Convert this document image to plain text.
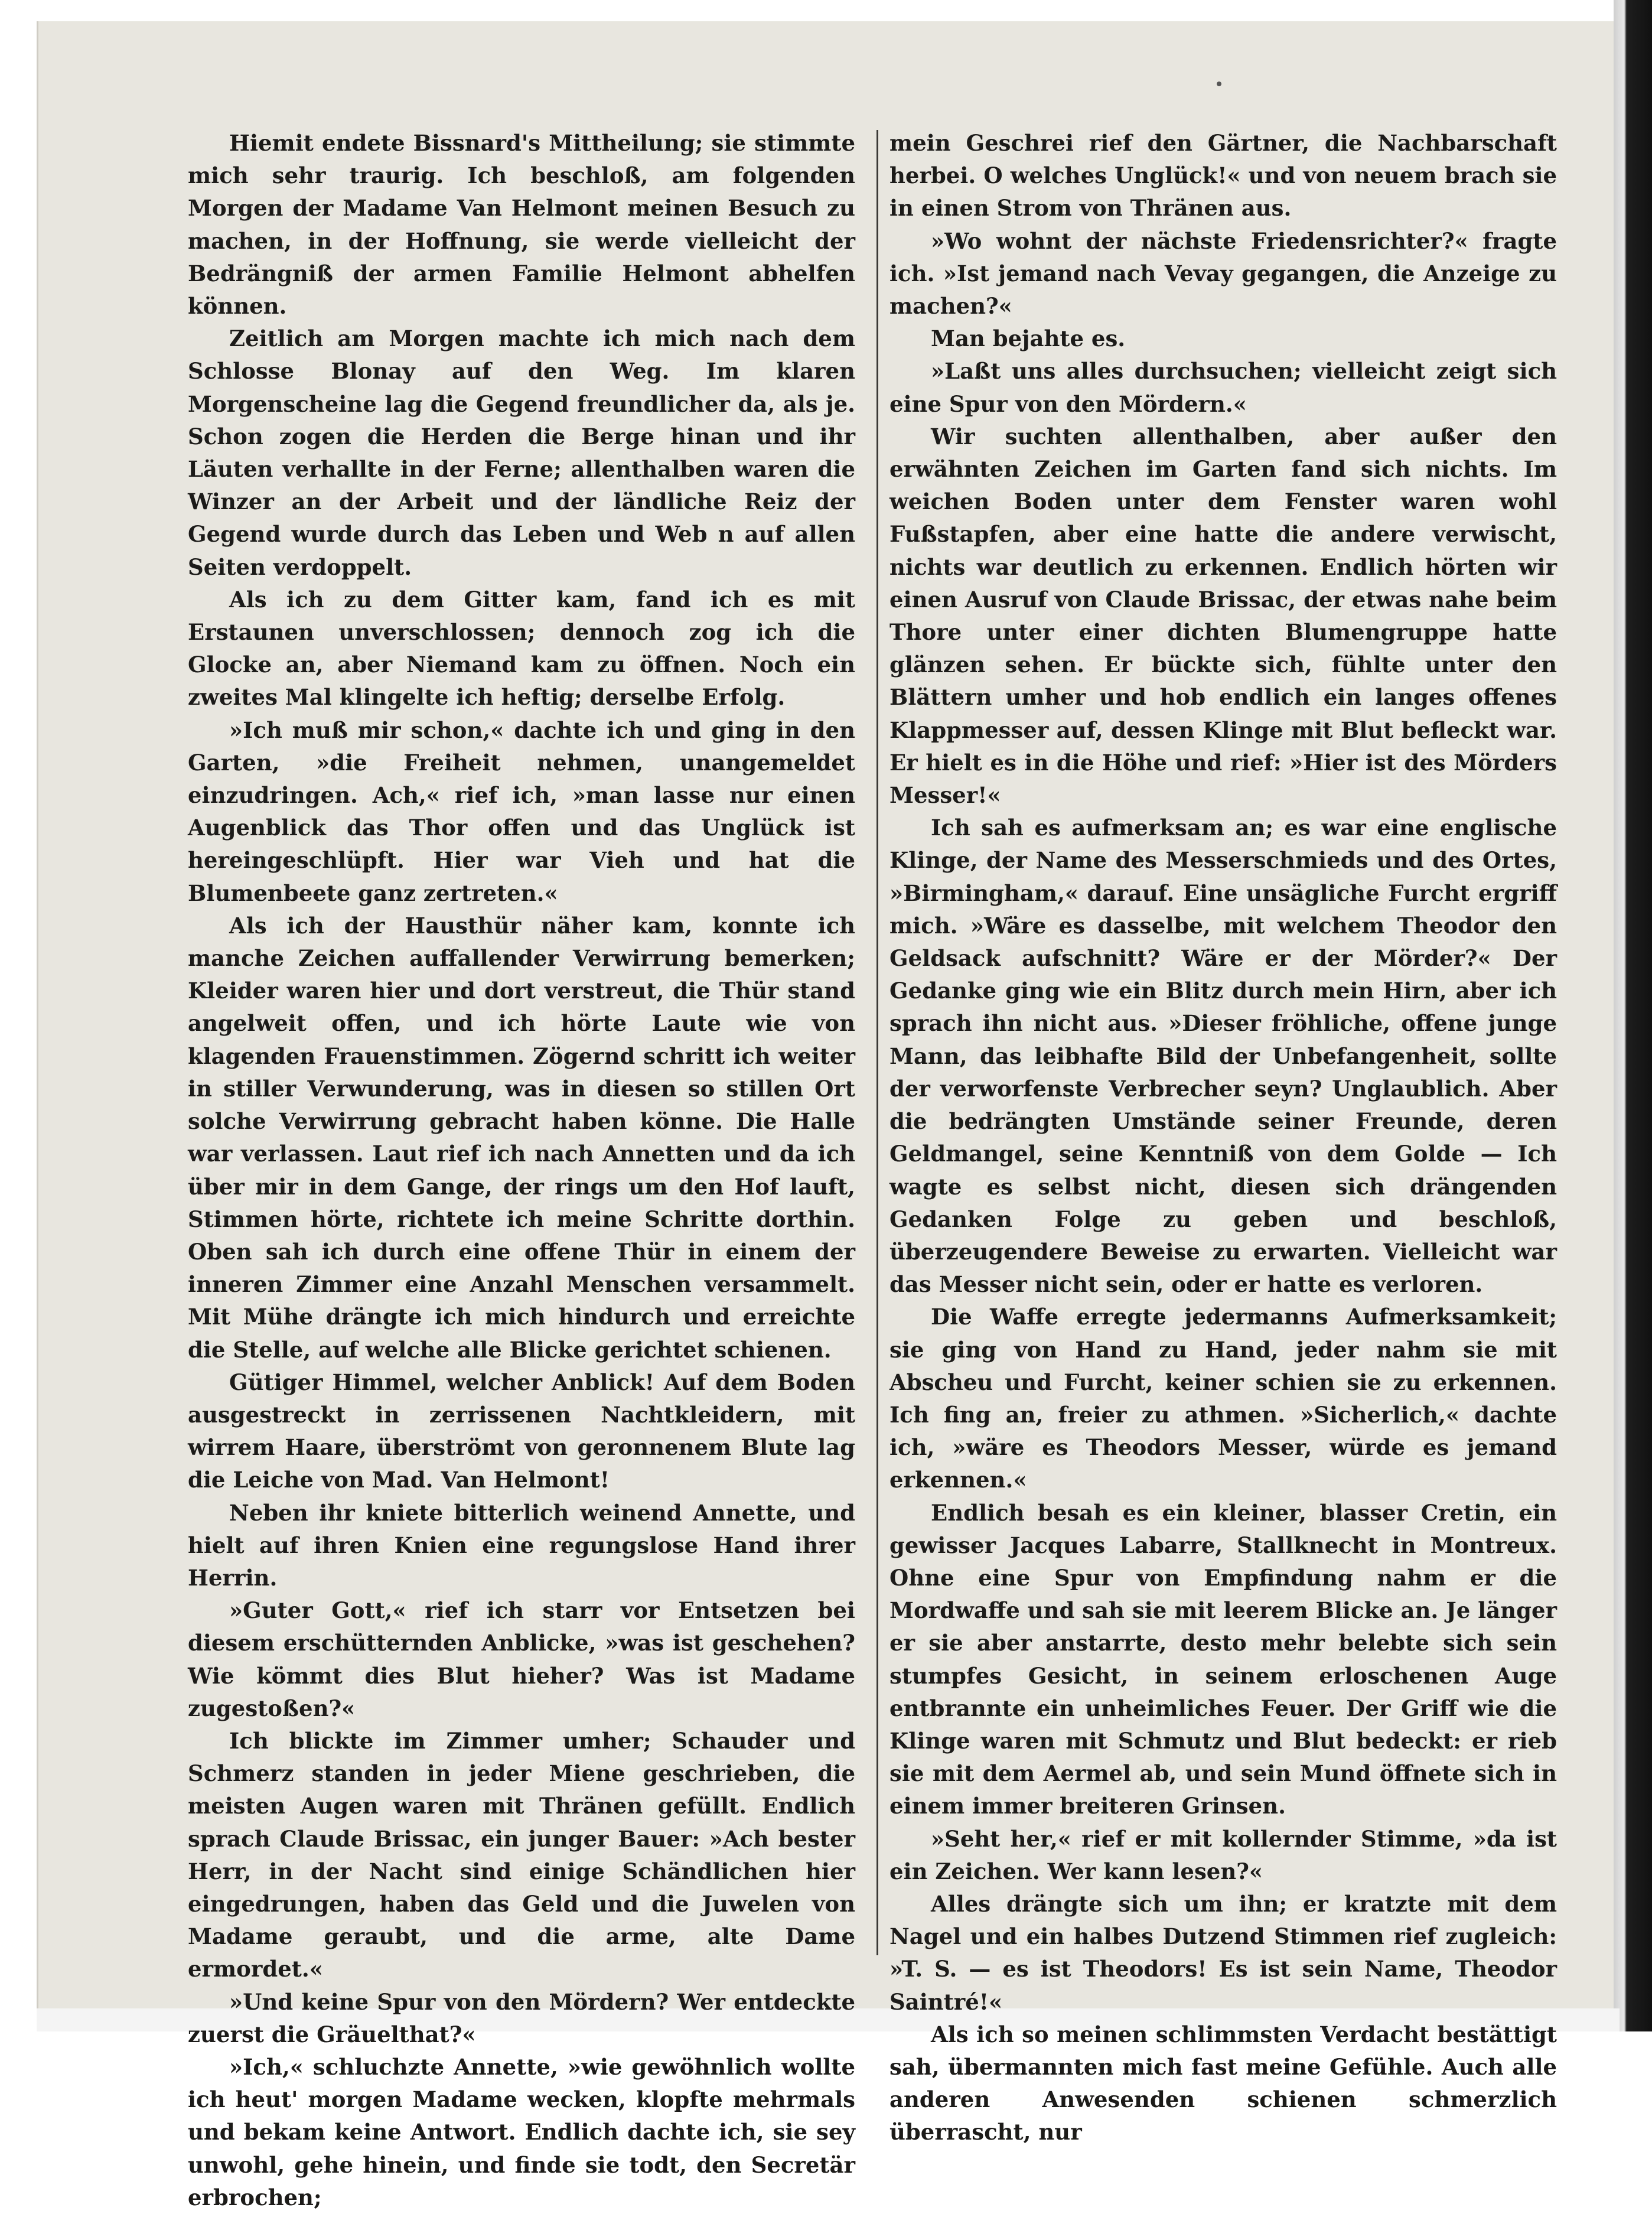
Hiemit endete Bissnard's Mittheilung; sie stimmte mich sehr traurig. Ich beschloß, am folgenden Morgen der Madame Van Helmont meinen Besuch zu machen, in der Hoffnung, sie werde vielleicht der Bedrängniß der armen Familie Helmont abhelfen können.

Zeitlich am Morgen machte ich mich nach dem Schlosse Blonay auf den Weg. Im klaren Morgenscheine lag die Gegend freundlicher da, als je. Schon zogen die Herden die Berge hinan und ihr Läuten verhallte in der Ferne; allenthalben waren die Winzer an der Arbeit und der ländliche Reiz der Gegend wurde durch das Leben und Web n auf allen Seiten verdoppelt.

Als ich zu dem Gitter kam, fand ich es mit Erstaunen unverschlossen; dennoch zog ich die Glocke an, aber Niemand kam zu öffnen. Noch ein zweites Mal klingelte ich heftig; derselbe Erfolg.

»Ich muß mir schon,« dachte ich und ging in den Garten, »die Freiheit nehmen, unangemeldet einzudringen. Ach,« rief ich, »man lasse nur einen Augenblick das Thor offen und das Unglück ist hereingeschlüpft. Hier war Vieh und hat die Blumenbeete ganz zertreten.«

Als ich der Hausthür näher kam, konnte ich manche Zeichen auffallender Verwirrung bemerken; Kleider waren hier und dort verstreut, die Thür stand angelweit offen, und ich hörte Laute wie von klagenden Frauenstimmen. Zögernd schritt ich weiter in stiller Verwunderung, was in diesen so stillen Ort solche Verwirrung gebracht haben könne. Die Halle war verlassen. Laut rief ich nach Annetten und da ich über mir in dem Gange, der rings um den Hof lauft, Stimmen hörte, richtete ich meine Schritte dorthin. Oben sah ich durch eine offene Thür in einem der inneren Zimmer eine Anzahl Menschen versammelt. Mit Mühe drängte ich mich hindurch und erreichte die Stelle, auf welche alle Blicke gerichtet schienen.

Gütiger Himmel, welcher Anblick! Auf dem Boden ausgestreckt in zerrissenen Nachtkleidern, mit wirrem Haare, überströmt von geronnenem Blute lag die Leiche von Mad. Van Helmont!

Neben ihr kniete bitterlich weinend Annette, und hielt auf ihren Knien eine regungslose Hand ihrer Herrin.

»Guter Gott,« rief ich starr vor Entsetzen bei diesem erschütternden Anblicke, »was ist geschehen? Wie kömmt dies Blut hieher? Was ist Madame zugestoßen?«

Ich blickte im Zimmer umher; Schauder und Schmerz standen in jeder Miene geschrieben, die meisten Augen waren mit Thränen gefüllt. Endlich sprach Claude Brissac, ein junger Bauer: »Ach bester Herr, in der Nacht sind einige Schändlichen hier eingedrungen, haben das Geld und die Juwelen von Madame geraubt, und die arme, alte Dame ermordet.«

»Und keine Spur von den Mördern? Wer entdeckte zuerst die Gräuelthat?«

»Ich,« schluchzte Annette, »wie gewöhnlich wollte ich heut' morgen Madame wecken, klopfte mehrmals und bekam keine Antwort. Endlich dachte ich, sie sey unwohl, gehe hinein, und finde sie todt, den Secretär erbrochen;

mein Geschrei rief den Gärtner, die Nachbarschaft herbei. O welches Unglück!« und von neuem brach sie in einen Strom von Thränen aus.

»Wo wohnt der nächste Friedensrichter?« fragte ich. »Ist jemand nach Vevay gegangen, die Anzeige zu machen?«

Man bejahte es.

»Laßt uns alles durchsuchen; vielleicht zeigt sich eine Spur von den Mördern.«

Wir suchten allenthalben, aber außer den erwähnten Zeichen im Garten fand sich nichts. Im weichen Boden unter dem Fenster waren wohl Fußstapfen, aber eine hatte die andere verwischt, nichts war deutlich zu erkennen. Endlich hörten wir einen Ausruf von Claude Brissac, der etwas nahe beim Thore unter einer dichten Blumengruppe hatte glänzen sehen. Er bückte sich, fühlte unter den Blättern umher und hob endlich ein langes offenes Klappmesser auf, dessen Klinge mit Blut befleckt war. Er hielt es in die Höhe und rief: »Hier ist des Mörders Messer!«

Ich sah es aufmerksam an; es war eine englische Klinge, der Name des Messerschmieds und des Ortes, »Birmingham,« darauf. Eine unsägliche Furcht ergriff mich. »Wäre es dasselbe, mit welchem Theodor den Geldsack aufschnitt? Wäre er der Mörder?« Der Gedanke ging wie ein Blitz durch mein Hirn, aber ich sprach ihn nicht aus. »Dieser fröhliche, offene junge Mann, das leibhafte Bild der Unbefangenheit, sollte der verworfenste Verbrecher seyn? Unglaublich. Aber die bedrängten Umstände seiner Freunde, deren Geldmangel, seine Kenntniß von dem Golde — Ich wagte es selbst nicht, diesen sich drängenden Gedanken Folge zu geben und beschloß, überzeugendere Beweise zu erwarten. Vielleicht war das Messer nicht sein, oder er hatte es verloren.

Die Waffe erregte jedermanns Aufmerksamkeit; sie ging von Hand zu Hand, jeder nahm sie mit Abscheu und Furcht, keiner schien sie zu erkennen. Ich fing an, freier zu athmen. »Sicherlich,« dachte ich, »wäre es Theodors Messer, würde es jemand erkennen.«

Endlich besah es ein kleiner, blasser Cretin, ein gewisser Jacques Labarre, Stallknecht in Montreux. Ohne eine Spur von Empfindung nahm er die Mordwaffe und sah sie mit leerem Blicke an. Je länger er sie aber anstarrte, desto mehr belebte sich sein stumpfes Gesicht, in seinem erloschenen Auge entbrannte ein unheimliches Feuer. Der Griff wie die Klinge waren mit Schmutz und Blut bedeckt: er rieb sie mit dem Aermel ab, und sein Mund öffnete sich in einem immer breiteren Grinsen.

»Seht her,« rief er mit kollernder Stimme, »da ist ein Zeichen. Wer kann lesen?«

Alles drängte sich um ihn; er kratzte mit dem Nagel und ein halbes Dutzend Stimmen rief zugleich: »T. S. — es ist Theodors! Es ist sein Name, Theodor Saintré!«

Als ich so meinen schlimmsten Verdacht bestättigt sah, übermannten mich fast meine Gefühle. Auch alle anderen Anwesenden schienen schmerzlich überrascht, nur
